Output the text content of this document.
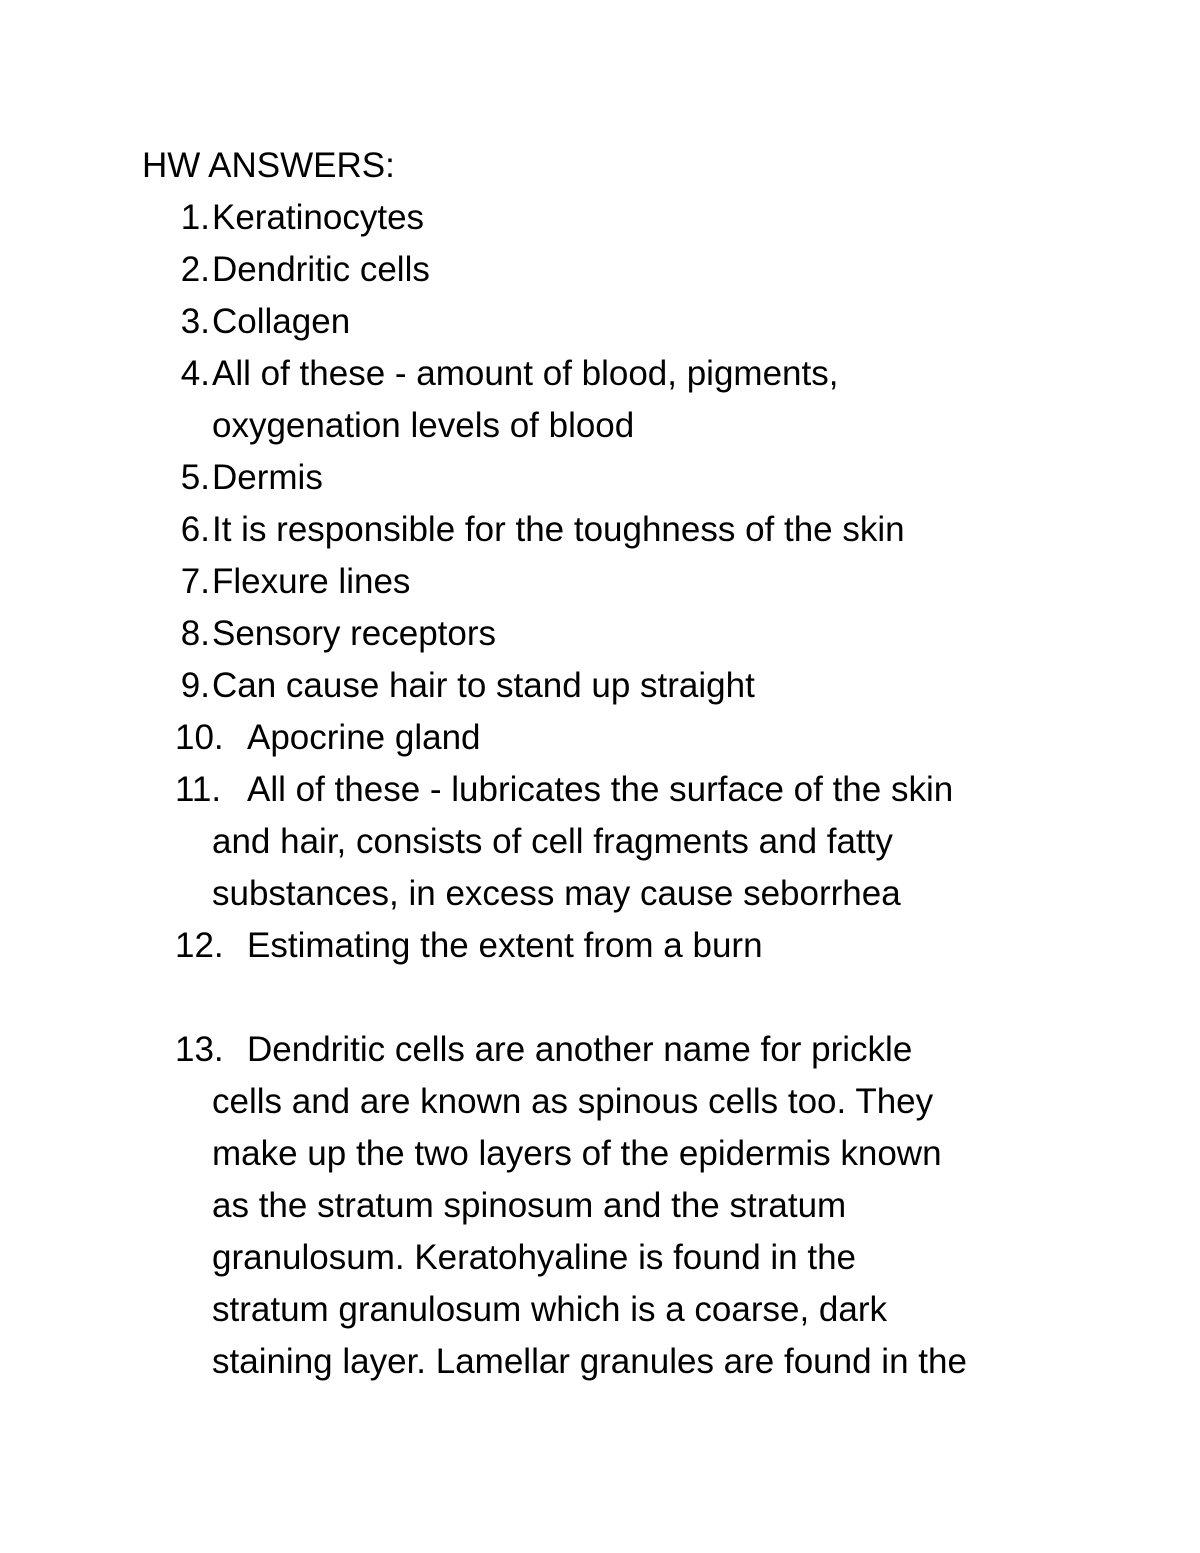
HW ANSWERS:
1. Keratinocytes
2. Dendritic cells
3. Collagen
4. All of these - amount of blood, pigments,
oxygenation levels of blood
5. Dermis
6. It is responsible for the toughness of the skin
7. Flexure lines
8. Sensory receptors
9. Can cause hair to stand up straight
10. Apocrine gland
11. All of these - lubricates the surface of the skin
and hair, consists of cell fragments and fatty
substances, in excess may cause seborrhea
12. Estimating the extent from a burn
13. Dendritic cells are another name for prickle
cells and are known as spinous cells too. They
make up the two layers of the epidermis known
as the stratum spinosum and the stratum
granulosum. Keratohyaline is found in the
stratum granulosum which is a coarse, dark
staining layer. Lamellar granules are found in the
